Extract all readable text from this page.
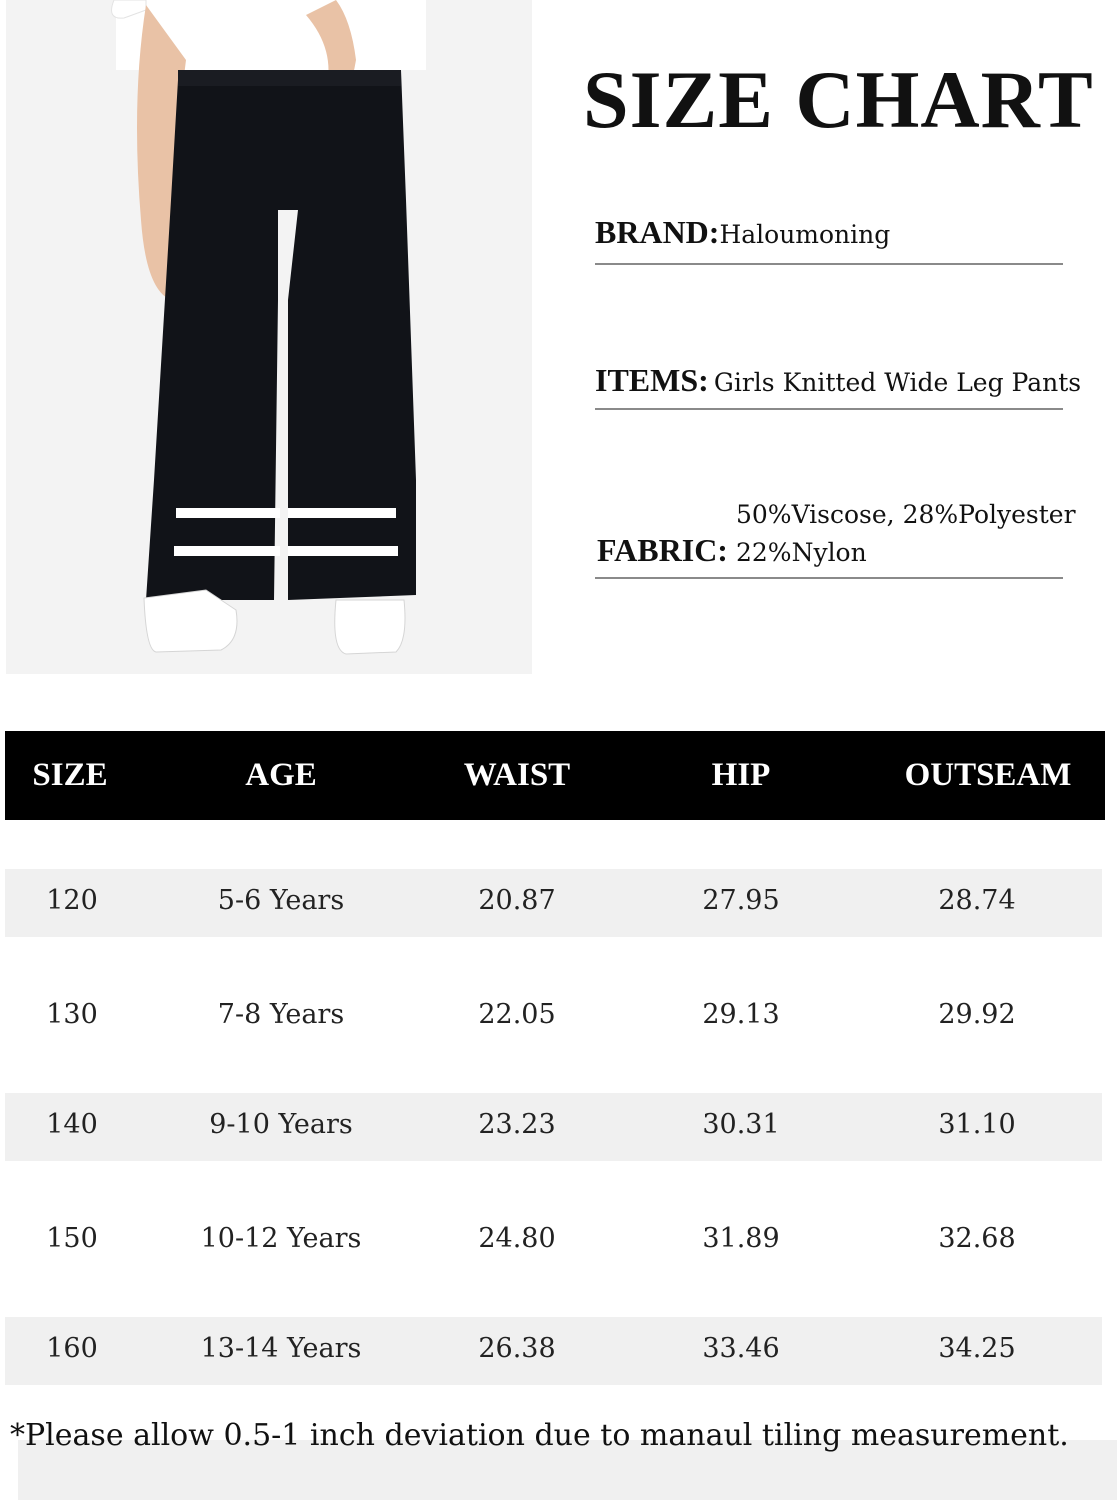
SIZE CHART
BRAND:Haloumoning
ITEMS: Girls Knitted Wide Leg Pants
50%Viscose, 28%Polyester
FABRIC: 22%Nylon
SIZE	AGE	WAIST	HIP	OUTSEAM
120	5-6 Years	20.87	27.95	28.74
130	7-8 Years	22.05	29.13	29.92
140	9-10 Years	23.23	30.31	31.10
150	10-12 Years	24.80	31.89	32.68
160	13-14 Years	26.38	33.46	34.25
*Please allow 0.5-1 inch deviation due to manaul tiling measurement.
